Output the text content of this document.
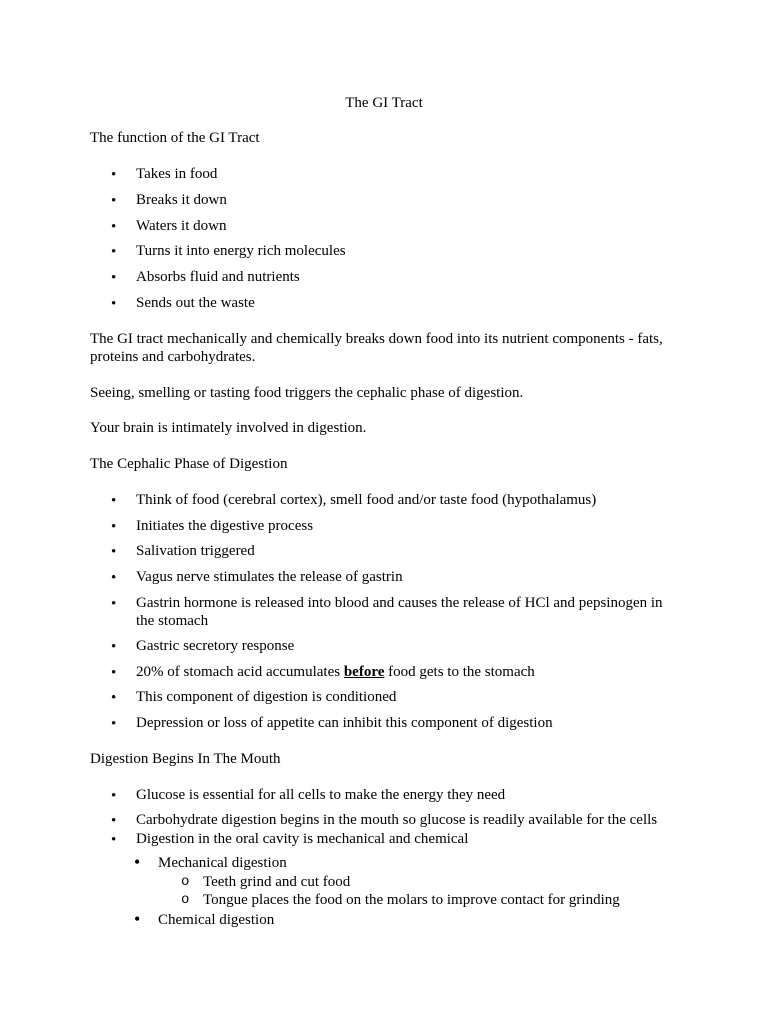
The GI Tract
The function of the GI Tract
• Takes in food
• Breaks it down
• Waters it down
• Turns it into energy rich molecules
• Absorbs fluid and nutrients
• Sends out the waste
The GI tract mechanically and chemically breaks down food into its nutrient components - fats, proteins and carbohydrates.
Seeing, smelling or tasting food triggers the cephalic phase of digestion.
Your brain is intimately involved in digestion.
The Cephalic Phase of Digestion
• Think of food (cerebral cortex), smell food and/or taste food (hypothalamus)
• Initiates the digestive process
• Salivation triggered
• Vagus nerve stimulates the release of gastrin
• Gastrin hormone is released into blood and causes the release of HCl and pepsinogen in the stomach
• Gastric secretory response
• 20% of stomach acid accumulates before food gets to the stomach
• This component of digestion is conditioned
• Depression or loss of appetite can inhibit this component of digestion
Digestion Begins In The Mouth
• Glucose is essential for all cells to make the energy they need
• Carbohydrate digestion begins in the mouth so glucose is readily available for the cells
• Digestion in the oral cavity is mechanical and chemical
• Mechanical digestion
o Teeth grind and cut food
o Tongue places the food on the molars to improve contact for grinding
• Chemical digestion
